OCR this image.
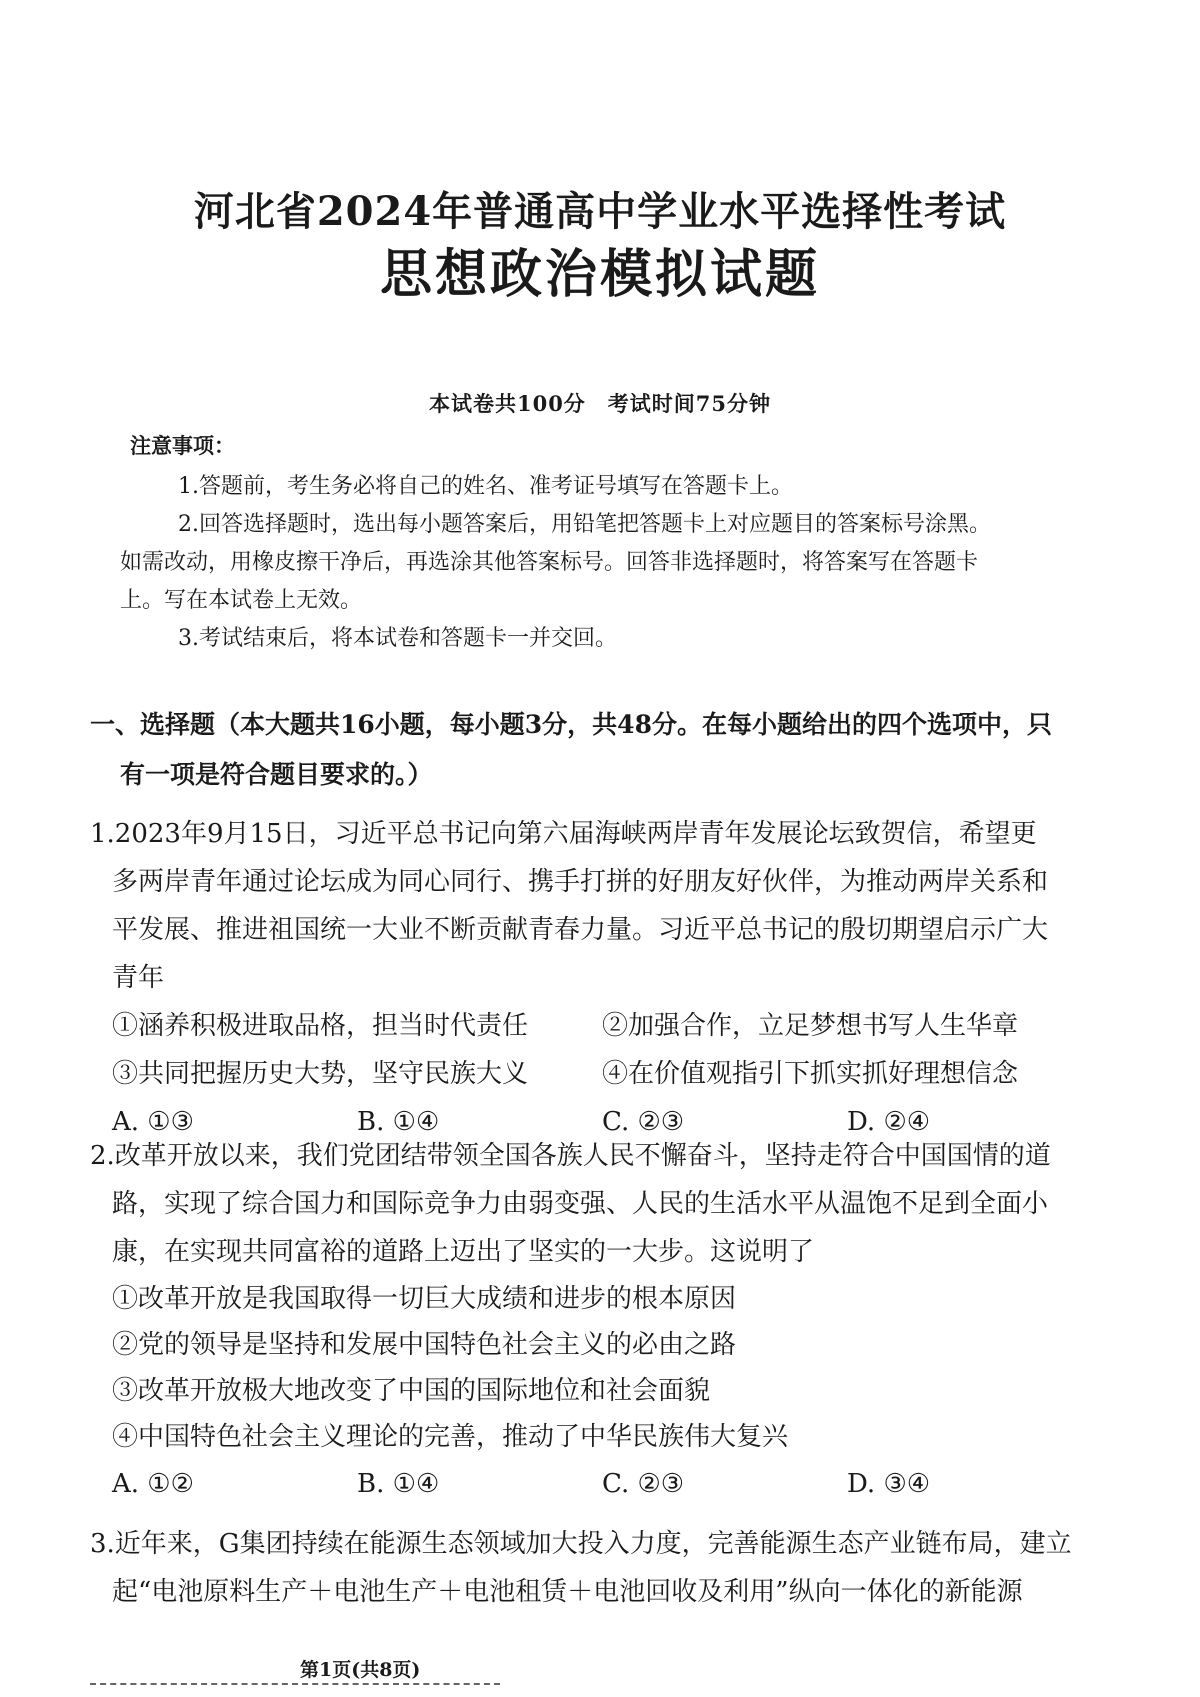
河北省2024年普通高中学业水平选择性考试
思想政治模拟试题
本试卷共100分　考试时间75分钟
注意事项：
1.答题前，考生务必将自己的姓名、准考证号填写在答题卡上。
2.回答选择题时，选出每小题答案后，用铅笔把答题卡上对应题目的答案标号涂黑。
如需改动，用橡皮擦干净后，再选涂其他答案标号。回答非选择题时，将答案写在答题卡
上。写在本试卷上无效。
3.考试结束后，将本试卷和答题卡一并交回。
一、选择题（本大题共16小题，每小题3分，共48分。在每小题给出的四个选项中，只
有一项是符合题目要求的。）
1.2023年9月15日，习近平总书记向第六届海峡两岸青年发展论坛致贺信，希望更
多两岸青年通过论坛成为同心同行、携手打拼的好朋友好伙伴，为推动两岸关系和
平发展、推进祖国统一大业不断贡献青春力量。习近平总书记的殷切期望启示广大
青年
①涵养积极进取品格，担当时代责任	②加强合作，立足梦想书写人生华章
③共同把握历史大势，坚守民族大义	④在价值观指引下抓实抓好理想信念
A. ①③	B. ①④	C. ②③	D. ②④
2.改革开放以来，我们党团结带领全国各族人民不懈奋斗，坚持走符合中国国情的道
路，实现了综合国力和国际竞争力由弱变强、人民的生活水平从温饱不足到全面小
康，在实现共同富裕的道路上迈出了坚实的一大步。这说明了
①改革开放是我国取得一切巨大成绩和进步的根本原因
②党的领导是坚持和发展中国特色社会主义的必由之路
③改革开放极大地改变了中国的国际地位和社会面貌
④中国特色社会主义理论的完善，推动了中华民族伟大复兴
A. ①②	B. ①④	C. ②③	D. ③④
3.近年来，G集团持续在能源生态领域加大投入力度，完善能源生态产业链布局，建立
起“电池原料生产＋电池生产＋电池租赁＋电池回收及利用”纵向一体化的新能源
第1页(共8页)
